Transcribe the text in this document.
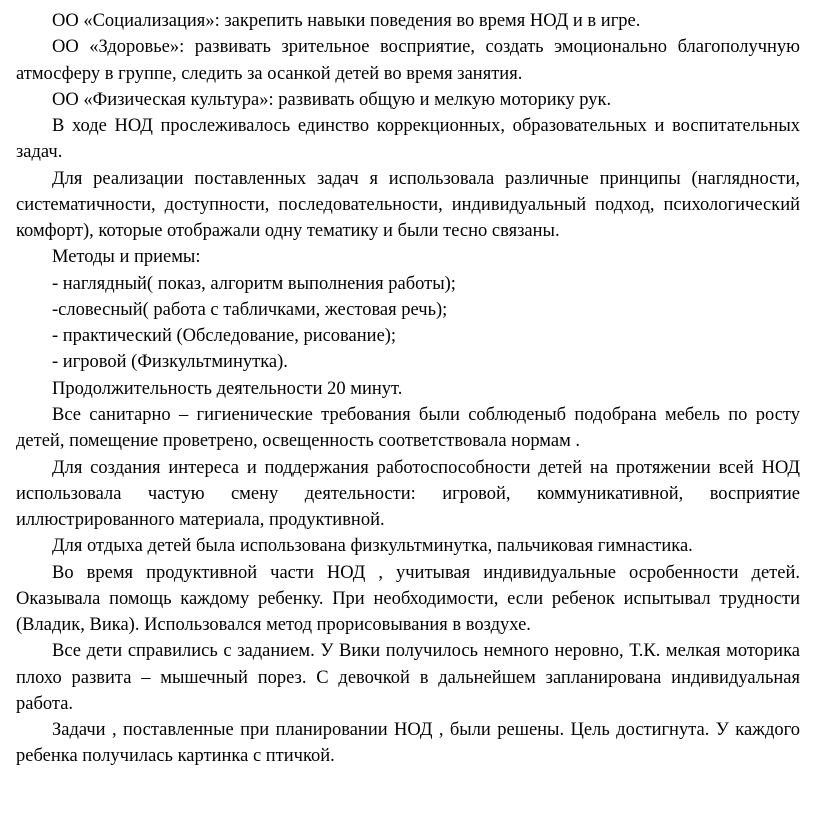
ОО «Социализация»: закрепить навыки поведения во время НОД и в игре.

ОО «Здоровье»: развивать зрительное восприятие, создать эмоционально благополучную атмосферу в группе, следить за осанкой детей во время занятия.

ОО «Физическая культура»: развивать общую и мелкую моторику рук.

В ходе НОД прослеживалось единство коррекционных, образовательных и воспитательных задач.

Для реализации поставленных задач я использовала различные принципы (наглядности, систематичности, доступности, последовательности, индивидуальный подход, психологический комфорт), которые отображали одну тематику и были тесно связаны.

Методы и приемы:

- наглядный( показ, алгоритм выполнения работы);

-словесный( работа с табличками, жестовая речь);

- практический (Обследование, рисование);

- игровой (Физкультминутка).

Продолжительность деятельности 20 минут.

Все санитарно – гигиенические требования были соблюденыб подобрана мебель по росту детей, помещение проветрено, освещенность соответствовала нормам .

Для создания интереса и поддержания работоспособности детей на протяжении всей НОД использовала частую смену деятельности: игровой, коммуникативной, восприятие иллюстрированного материала, продуктивной.

Для отдыха детей была использована физкультминутка, пальчиковая гимнастика.

Во время продуктивной части НОД , учитывая индивидуальные осробенности детей. Оказывала помощь каждому ребенку. При необходимости, если ребенок испытывал трудности (Владик, Вика). Использовался метод прорисовывания в воздухе.

Все дети справились с заданием. У Вики получилось немного неровно, Т.К. мелкая моторика плохо развита – мышечный порез. С девочкой в дальнейшем запланирована индивидуальная работа.

Задачи , поставленные при планировании НОД , были решены. Цель достигнута. У каждого ребенка получилась картинка с птичкой.
